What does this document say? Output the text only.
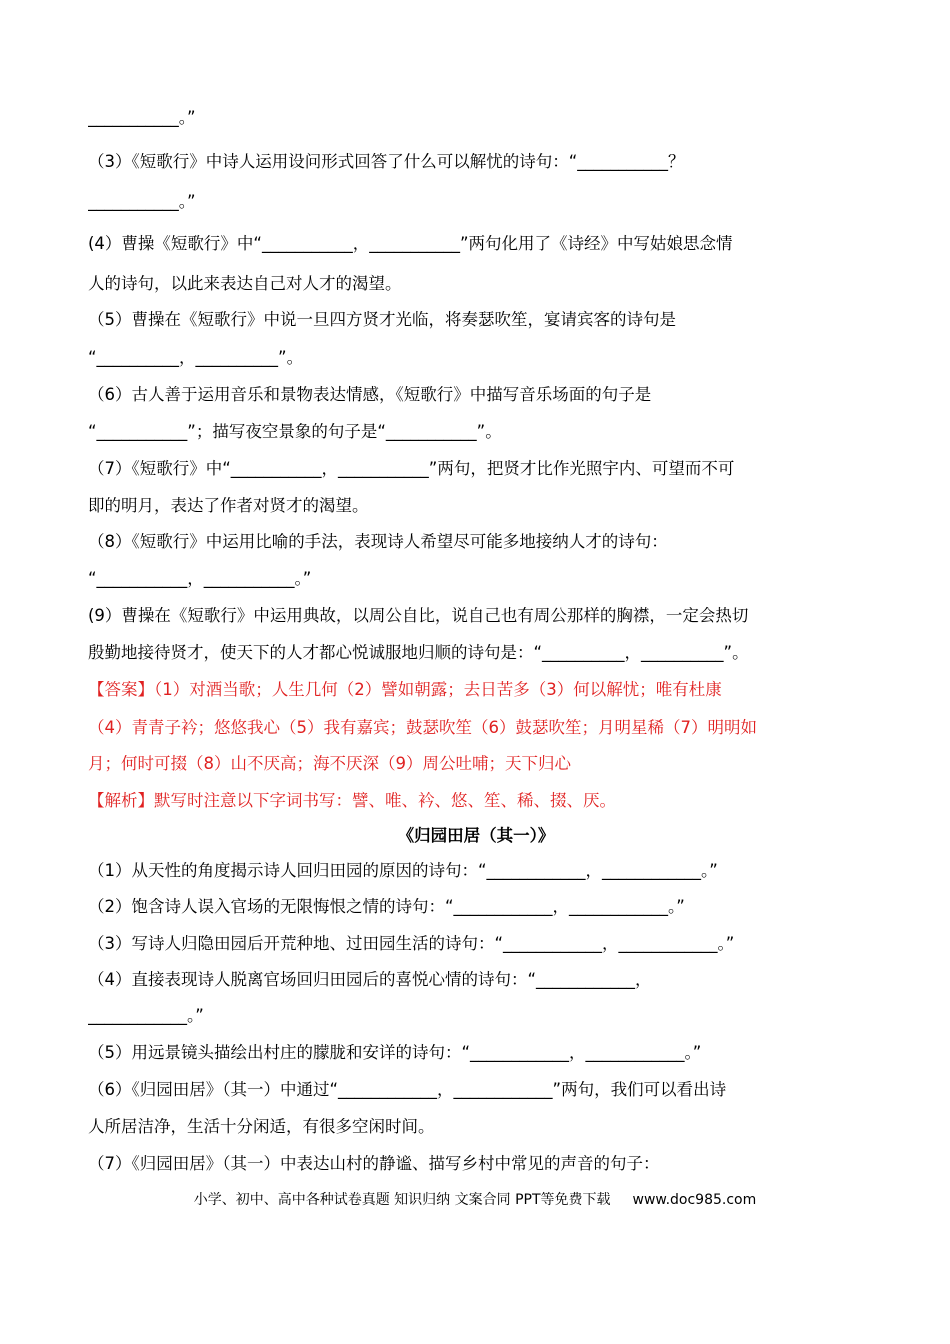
___________。”
（3）《短歌行》中诗人运用设问形式回答了什么可以解忧的诗句：“___________？
___________。”
(4）曹操《短歌行》中“___________，___________”两句化用了《诗经》中写姑娘思念情
人的诗句，以此来表达自己对人才的渴望。
（5）曹操在《短歌行》中说一旦四方贤才光临，将奏瑟吹笙，宴请宾客的诗句是
“__________，__________”。
（6）古人善于运用音乐和景物表达情感，《短歌行》中描写音乐场面的句子是
“___________”；描写夜空景象的句子是“___________”。
（7）《短歌行》中“___________，___________”两句，把贤才比作光照宇内、可望而不可
即的明月，表达了作者对贤才的渴望。
（8）《短歌行》中运用比喻的手法，表现诗人希望尽可能多地接纳人才的诗句：
“___________，___________。”
(9）曹操在《短歌行》中运用典故，以周公自比，说自己也有周公那样的胸襟，一定会热切
殷勤地接待贤才，使天下的人才都心悦诚服地归顺的诗句是：“__________，__________”。
【答案】（1）对酒当歌；人生几何（2）譬如朝露；去日苦多（3）何以解忧；唯有杜康
（4）青青子衿；悠悠我心（5）我有嘉宾；鼓瑟吹笙（6）鼓瑟吹笙；月明星稀（7）明明如
月；何时可掇（8）山不厌高；海不厌深（9）周公吐哺；天下归心
【解析】默写时注意以下字词书写：譬、唯、衿、悠、笙、稀、掇、厌。
《归园田居（其一）》
（1）从天性的角度揭示诗人回归田园的原因的诗句：“____________，____________。”
（2）饱含诗人误入官场的无限悔恨之情的诗句：“____________，____________。”
（3）写诗人归隐田园后开荒种地、过田园生活的诗句：“____________，____________。”
（4）直接表现诗人脱离官场回归田园后的喜悦心情的诗句：“____________，
____________。”
（5）用远景镜头描绘出村庄的朦胧和安详的诗句：“____________，____________。”
（6）《归园田居》（其一）中通过“____________，____________”两句，我们可以看出诗
人所居洁净，生活十分闲适，有很多空闲时间。
（7）《归园田居》（其一）中表达山村的静谧、描写乡村中常见的声音的句子：
小学、初中、高中各种试卷真题 知识归纳 文案合同 PPT等免费下载 www.doc985.com
